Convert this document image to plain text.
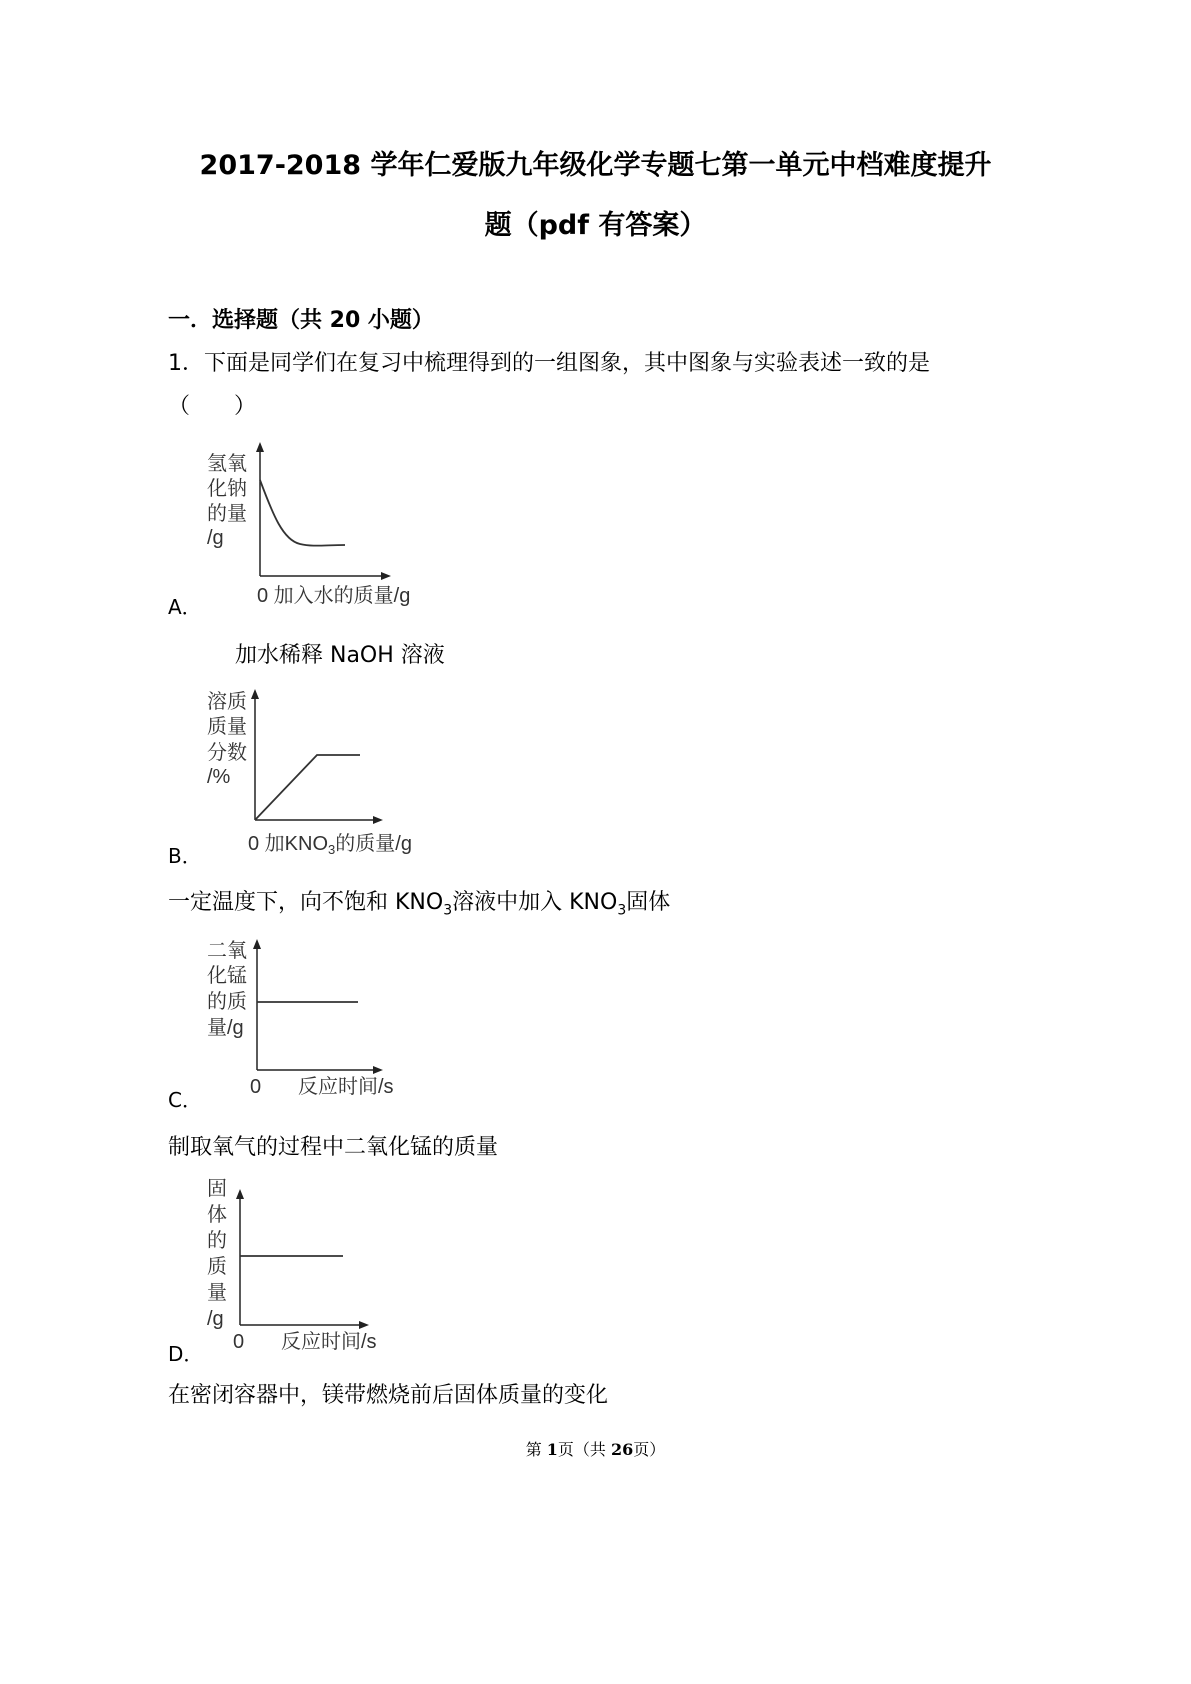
2017-2018 学年仁爱版九年级化学专题七第一单元中档难度提升
题（pdf 有答案）
一．选择题（共 20 小题）
1．下面是同学们在复习中梳理得到的一组图象，其中图象与实验表述一致的是
（　　）
氢氧
化钠
的量
/g
0 加入水的质量/g
A．
加水稀释 NaOH 溶液
溶质
质量
分数
/%
0 加$KNO_3$的质量/g
B．
一定温度下，向不饱和 $KNO_3$溶液中加入 $KNO_3$固体
二氧
化锰
的质
量/g
0 反应时间/s
C．
制取氧气的过程中二氧化锰的质量
固
体
的
质
量
/g
0 反应时间/s
D．
在密闭容器中，镁带燃烧前后固体质量的变化
第 1页（共 26页）
